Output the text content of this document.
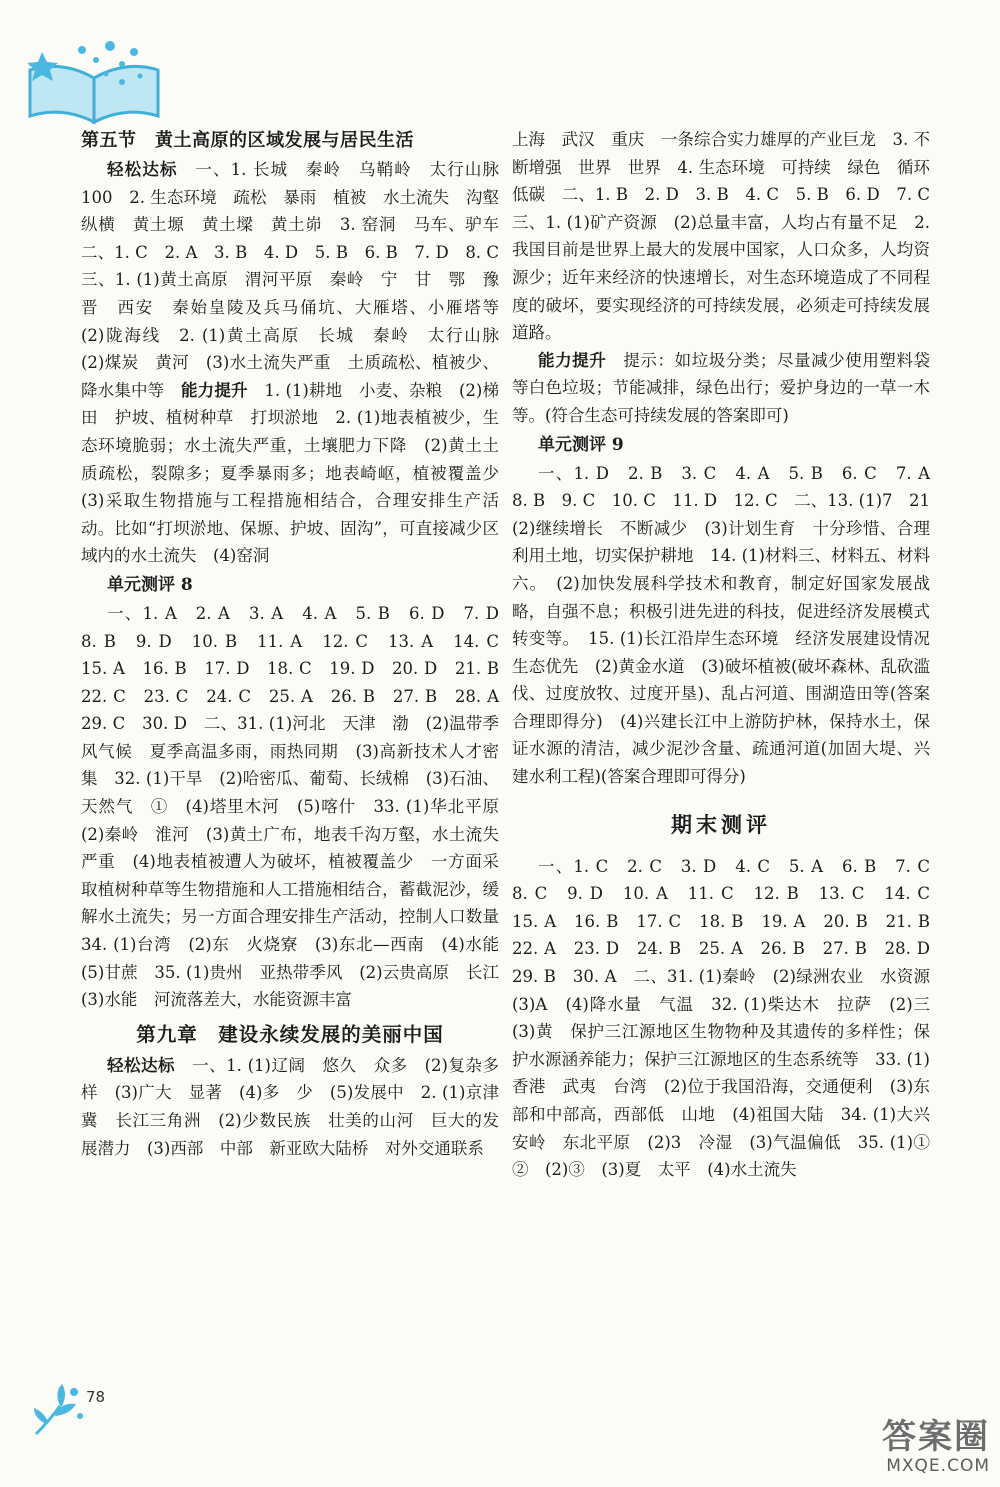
第五节　黄土高原的区域发展与居民生活

轻松达标　 一、1. 长城　秦岭　乌鞘岭　太行山脉　100　2. 生态环境　疏松　暴雨　植被　水土流失　沟壑纵横　黄土塬　黄土墚　黄土峁　3. 窑洞　马车、驴车　二、1. C　2. A　3. B　4. D　5. B　6. B　7. D　8. C　三、1. (1)黄土高原　渭河平原　秦岭　宁　甘　鄂　豫　晋　西安　秦始皇陵及兵马俑坑、大雁塔、小雁塔等　(2)陇海线　2. (1)黄土高原　长城　秦岭　太行山脉　(2)煤炭　黄河　(3)水土流失严重　土质疏松、植被少、降水集中等　 能力提升　 1. (1)耕地　小麦、杂粮　(2)梯田　护坡、植树种草　打坝淤地　2. (1)地表植被少，生态环境脆弱；水土流失严重，土壤肥力下降　(2)黄土土质疏松，裂隙多；夏季暴雨多；地表崎岖，植被覆盖少　(3)采取生物措施与工程措施相结合，合理安排生产活动。比如“打坝淤地、保塬、护坡、固沟”，可直接减少区域内的水土流失　(4)窑洞

单元测评 8

一、1. A　2. A　3. A　4. A　5. B　6. D　7. D　8. B　9. D　10. B　11. A　12. C　13. A　14. C　15. A　16. B　17. D　18. C　19. D　20. D　21. B　22. C　23. C　24. C　25. A　26. B　27. B　28. A　29. C　30. D　二、31. (1)河北　天津　渤　(2)温带季风气候　夏季高温多雨，雨热同期　(3)高新技术人才密集　32. (1)干旱　(2)哈密瓜、葡萄、长绒棉　(3)石油、天然气　①　(4)塔里木河　(5)喀什　33. (1)华北平原　(2)秦岭　淮河　(3)黄土广布，地表千沟万壑，水土流失严重　(4)地表植被遭人为破坏，植被覆盖少　一方面采取植树种草等生物措施和人工措施相结合，蓄截泥沙，缓解水土流失；另一方面合理安排生产活动，控制人口数量　34. (1)台湾　(2)东　火烧寮　(3)东北—西南　(4)水能　(5)甘蔗　35. (1)贵州　亚热带季风　(2)云贵高原　长江　(3)水能　河流落差大，水能资源丰富

第九章　建设永续发展的美丽中国

轻松达标　 一、1. (1)辽阔　悠久　众多　(2)复杂多样　(3)广大　显著　(4)多　少　(5)发展中　2. (1)京津冀　长江三角洲　(2)少数民族　壮美的山河　巨大的发展潜力　(3)西部　中部　新亚欧大陆桥　对外交通联系

上海　武汉　重庆　一条综合实力雄厚的产业巨龙　3. 不断增强　世界　世界　4. 生态环境　可持续　绿色　循环　低碳　二、1. B　2. D　3. B　4. C　5. B　6. D　7. C　三、1. (1)矿产资源　(2)总量丰富，人均占有量不足　2. 我国目前是世界上最大的发展中国家，人口众多，人均资源少；近年来经济的快速增长，对生态环境造成了不同程度的破坏，要实现经济的可持续发展，必须走可持续发展道路。

能力提升　 提示：如垃圾分类；尽量减少使用塑料袋等白色垃圾；节能减排，绿色出行；爱护身边的一草一木等。(符合生态可持续发展的答案即可)

单元测评 9

一、1. D　2. B　3. C　4. A　5. B　6. C　7. A　8. B　9. C　10. C　11. D　12. C　二、13. (1)7　21　(2)继续增长　不断减少　(3)计划生育　十分珍惜、合理利用土地，切实保护耕地　14. (1)材料三、材料五、材料六。　(2)加快发展科学技术和教育，制定好国家发展战略，自强不息；积极引进先进的科技，促进经济发展模式转变等。　15. (1)长江沿岸生态环境　经济发展建设情况　生态优先　(2)黄金水道　(3)破坏植被(破坏森林、乱砍滥伐、过度放牧、过度开垦)、乱占河道、围湖造田等(答案合理即得分)　(4)兴建长江中上游防护林，保持水土，保证水源的清洁，减少泥沙含量、疏通河道(加固大堤、兴建水利工程)(答案合理即可得分)

期末测评

一、1. C　2. C　3. D　4. C　5. A　6. B　7. C　8. C　9. D　10. A　11. C　12. B　13. C　14. C　15. A　16. B　17. C　18. B　19. A　20. B　21. B　22. A　23. D　24. B　25. A　26. B　27. B　28. D　29. B　30. A　二、31. (1)秦岭　(2)绿洲农业　水资源　(3)A　(4)降水量　气温　32. (1)柴达木　拉萨　(2)三　(3)黄　保护三江源地区生物物种及其遗传的多样性；保护水源涵养能力；保护三江源地区的生态系统等　33. (1)香港　武夷　台湾　(2)位于我国沿海，交通便利　(3)东部和中部高，西部低　山地　(4)祖国大陆　34. (1)大兴安岭　东北平原　(2)3　冷湿　(3)气温偏低　35. (1)①　②　(2)③　(3)夏　太平　(4)水土流失

78
答案圈
MXQE.COM
